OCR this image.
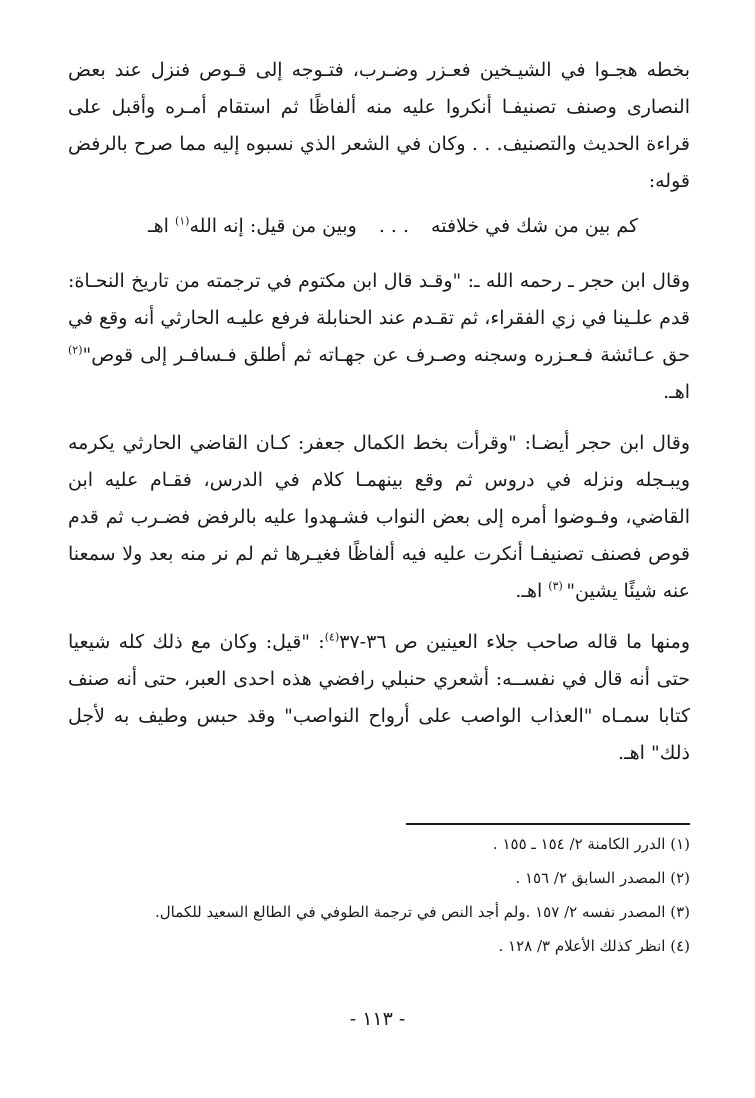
بخطه هجـوا في الشيـخين فعـزر وضـرب، فتـوجه إلى قـوص فنزل عند بعض النصارى وصنف تصنيفـا أنكروا عليه منه ألفاظًا ثم استقام أمـره وأقبل على قراءة الحديث والتصنيف. . . وكان في الشعر الذي نسبوه إليه مما صرح بالرفض قوله:

كم بين من شك في خلافته
. . .
وبين من قيل: إنه الله$^{(١)}$ اهـ

وقال ابن حجر ـ رحمه الله ـ: "وقـد قال ابن مكتوم في ترجمته من تاريخ النحـاة: قدم علـينا في زي الفقراء، ثم تقـدم عند الحنابلة فرفع عليـه الحارثي أنه وقع في حق عـائشة فـعـزره وسجنه وصـرف عن جهـاته ثم أطلق فـسافـر إلى قوص"$^{(٢)}$ اهـ.

وقال ابن حجر أيضـا: "وقرأت بخط الكمال جعفر: كـان القاضي الحارثي يكرمه ويبـجله ونزله في دروس ثم وقع بينهمـا كلام في الدرس، فقـام عليه ابن القاضي، وفـوضوا أمره إلى بعض النواب فشـهدوا عليه بالرفض فضـرب ثم قدم قوص فصنف تصنيفـا أنكرت عليه فيه ألفاظًا فغيـرها ثم لم نر منه بعد ولا سمعنا عنه شيئًا يشين" $^{(٣)}$ اهـ.

ومنها ما قاله صاحب جلاء العينين ص ٣٦-٣٧$^{(٤)}$: "قيل: وكان مع ذلك كله شيعيا حتى أنه قال في نفســه: أشعري حنبلي رافضي هذه احدى العبر، حتى أنه صنف كتابا سمـاه "العذاب الواصب على أرواح النواصب" وقد حبس وطيف به لأجل ذلك" اهـ.

(١) الدرر الكامنة ٢/ ١٥٤ ـ ١٥٥ .

(٢) المصدر السابق ٢/ ١٥٦ .

(٣) المصدر نفسه ٢/ ١٥٧ .ولم أجد النص في ترجمة الطوفي في الطالع السعيد للكمال.

(٤) انظر كذلك الأعلام ٣/ ١٢٨ .

- ١١٣ -
